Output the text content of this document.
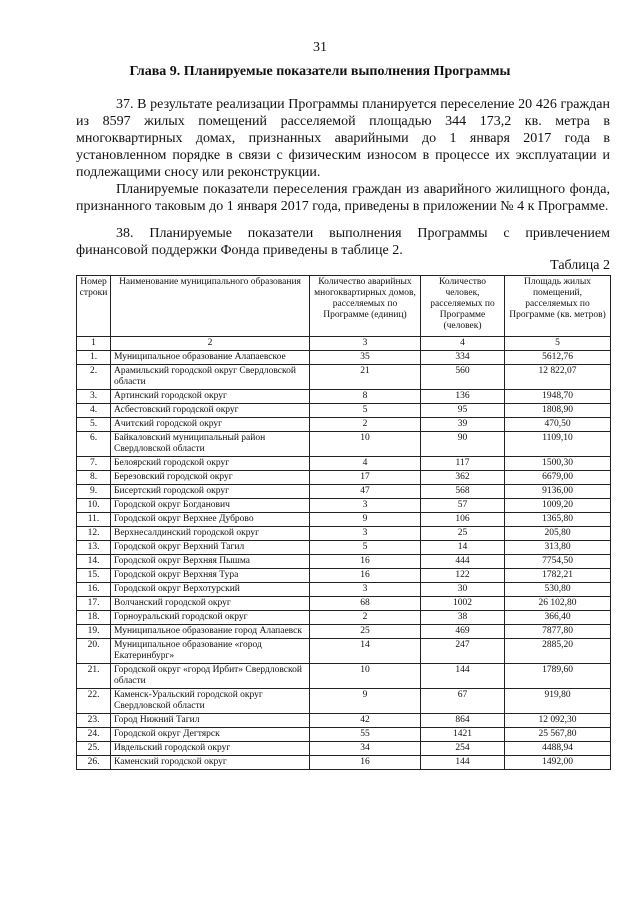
31
Глава 9. Планируемые показатели выполнения Программы

37. В результате реализации Программы планируется переселение 20 426 граждан из 8597 жилых помещений расселяемой площадью 344 173,2 кв. метра в многоквартирных домах, признанных аварийными до 1 января 2017 года в установленном порядке в связи с физическим износом в процессе их эксплуатации и подлежащими сносу или реконструкции.

Планируемые показатели переселения граждан из аварийного жилищного фонда, признанного таковым до 1 января 2017 года, приведены в приложении № 4 к Программе.

38. Планируемые показатели выполнения Программы с привлечением финансовой поддержки Фонда приведены в таблице 2.

Таблица 2
Номер строки	Наименование муниципального образования	Количество аварийных многоквартирных домов, расселяемых по Программе (единиц)	Количество человек, расселяемых по Программе (человек)	Площадь жилых помещений, расселяемых по Программе (кв. метров)
1	2	3	4	5
1.	Муниципальное образование Алапаевское	35	334	5612,76
2.	Арамильский городской округ Свердловской области	21	560	12 822,07
3.	Артинский городской округ	8	136	1948,70
4.	Асбестовский городской округ	5	95	1808,90
5.	Ачитский городской округ	2	39	470,50
6.	Байкаловский муниципальный район Свердловской области	10	90	1109,10
7.	Белоярский городской округ	4	117	1500,30
8.	Березовский городской округ	17	362	6679,00
9.	Бисертский городской округ	47	568	9136,00
10.	Городской округ Богданович	3	57	1009,20
11.	Городской округ Верхнее Дуброво	9	106	1365,80
12.	Верхнесалдинский городской округ	3	25	205,80
13.	Городской округ Верхний Тагил	5	14	313,80
14.	Городской округ Верхняя Пышма	16	444	7754,50
15.	Городской округ Верхняя Тура	16	122	1782,21
16.	Городской округ Верхотурский	3	30	530,80
17.	Волчанский городской округ	68	1002	26 102,80
18.	Горноуральский городской округ	2	38	366,40
19.	Муниципальное образование город Алапаевск	25	469	7877,80
20.	Муниципальное образование «город Екатеринбург»	14	247	2885,20
21.	Городской округ «город Ирбит» Свердловской области	10	144	1789,60
22.	Каменск-Уральский городской округ Свердловской области	9	67	919,80
23.	Город Нижний Тагил	42	864	12 092,30
24.	Городской округ Дегтярск	55	1421	25 567,80
25.	Ивдельский городской округ	34	254	4488,94
26.	Каменский городской округ	16	144	1492,00
